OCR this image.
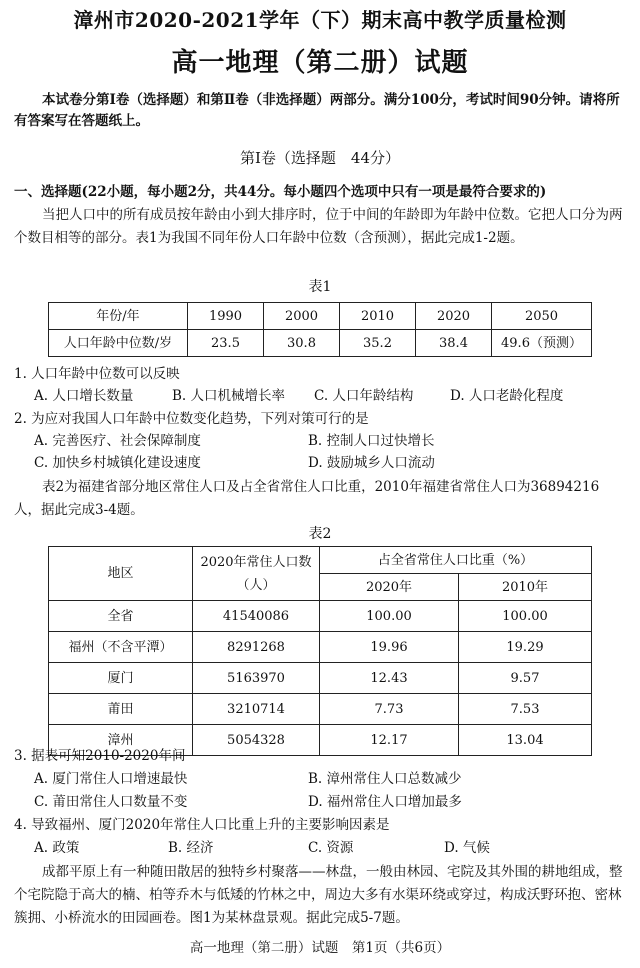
漳州市2020-2021学年（下）期末高中教学质量检测
高一地理（第二册）试题
本试卷分第Ⅰ卷（选择题）和第Ⅱ卷（非选择题）两部分。满分100分，考试时间90分钟。请将所有答案写在答题纸上。
第Ⅰ卷（选择题　44分）
一、选择题(22小题，每小题2分，共44分。每小题四个选项中只有一项是最符合要求的)
当把人口中的所有成员按年龄由小到大排序时，位于中间的年龄即为年龄中位数。它把人口分为两个数目相等的部分。表1为我国不同年份人口年龄中位数（含预测），据此完成1-2题。
表1
年份/年	1990	2000	2010	2020	2050
人口年龄中位数/岁	23.5	30.8	35.2	38.4	49.6（预测）
1. 人口年龄中位数可以反映
A. 人口增长数量	B. 人口机械增长率	C. 人口年龄结构	D. 人口老龄化程度
2. 为应对我国人口年龄中位数变化趋势，下列对策可行的是
A. 完善医疗、社会保障制度	B. 控制人口过快增长
C. 加快乡村城镇化建设速度	D. 鼓励城乡人口流动
表2为福建省部分地区常住人口及占全省常住人口比重，2010年福建省常住人口为36894216人，据此完成3-4题。
表2
地区	2020年常住人口数（人）	占全省常住人口比重（%）	
		2020年	2010年
全省	41540086	100.00	100.00
福州（不含平潭）	8291268	19.96	19.29
厦门	5163970	12.43	9.57
莆田	3210714	7.73	7.53
漳州	5054328	12.17	13.04
3. 据表可知2010-2020年间
A. 厦门常住人口增速最快	B. 漳州常住人口总数减少
C. 莆田常住人口数量不变	D. 福州常住人口增加最多
4. 导致福州、厦门2020年常住人口比重上升的主要影响因素是
A. 政策	B. 经济	C. 资源	D. 气候
成都平原上有一种随田散居的独特乡村聚落——林盘，一般由林园、宅院及其外围的耕地组成，整个宅院隐于高大的楠、柏等乔木与低矮的竹林之中，周边大多有水渠环绕或穿过，构成沃野环抱、密林簇拥、小桥流水的田园画卷。图1为某林盘景观。据此完成5-7题。
高一地理（第二册）试题　第1页（共6页）
